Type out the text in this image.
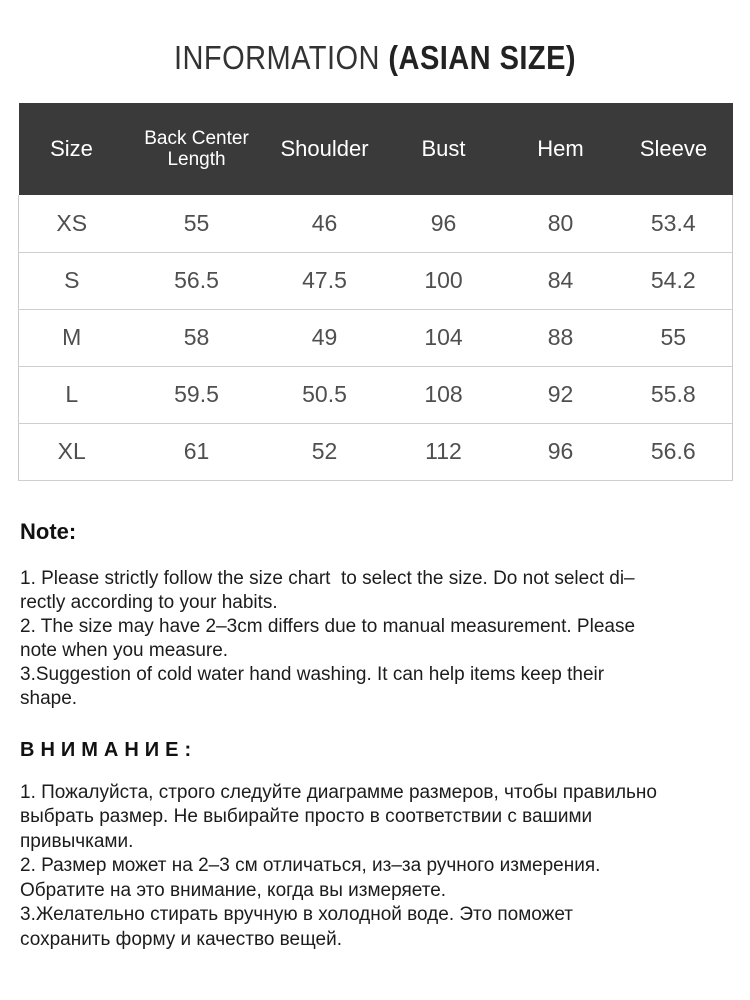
INFORMATION (ASIAN SIZE)
Size	Back Center Length	Shoulder	Bust	Hem	Sleeve
XS	55	46	96	80	53.4
S	56.5	47.5	100	84	54.2
M	58	49	104	88	55
L	59.5	50.5	108	92	55.8
XL	61	52	112	96	56.6
Note:
1. Please strictly follow the size chart  to select the size. Do not select di–
rectly according to your habits.
2. The size may have 2–3cm differs due to manual measurement. Please
note when you measure.
3.Suggestion of cold water hand washing. It can help items keep their
shape.
ВНИМАНИЕ:
1. Пожалуйста, строго следуйте диаграмме размеров, чтобы правильно
выбрать размер. Не выбирайте просто в соответствии с вашими
привычками.
2. Размер может на 2–3 см отличаться, из–за ручного измерения.
Обратите на это внимание, когда вы измеряете.
3.Желательно стирать вручную в холодной воде. Это поможет
сохранить форму и качество вещей.
